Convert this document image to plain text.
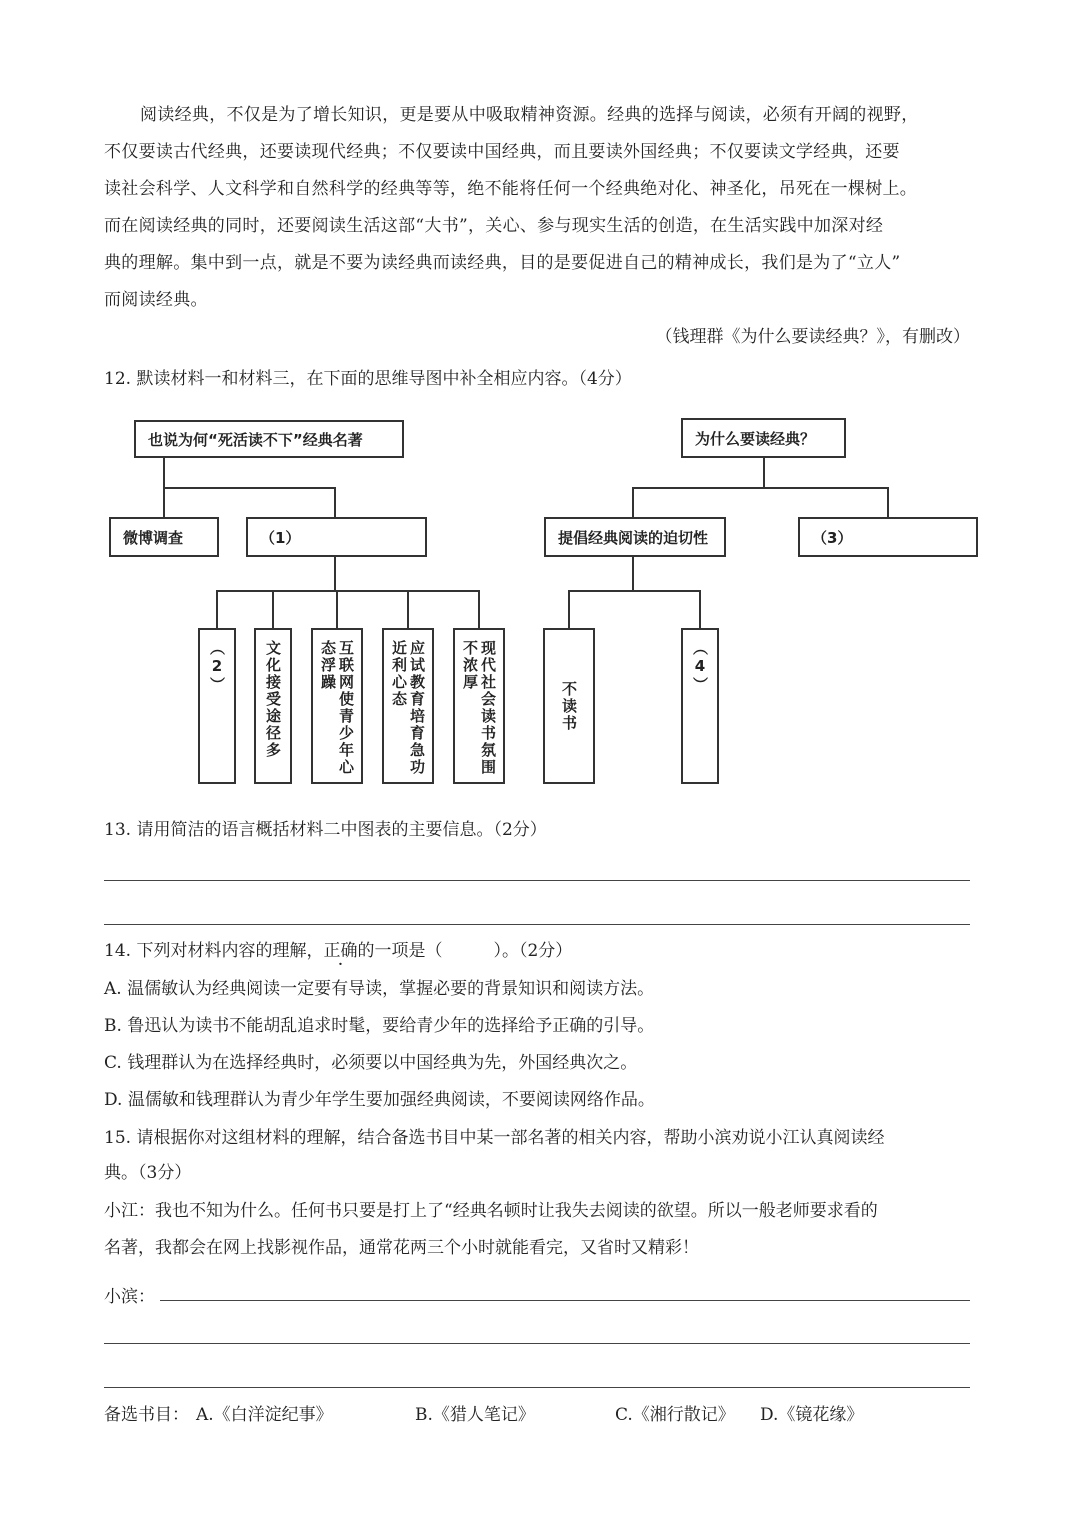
阅读经典，不仅是为了增长知识，更是要从中吸取精神资源。经典的选择与阅读，必须有开阔的视野，

不仅要读古代经典，还要读现代经典；不仅要读中国经典，而且要读外国经典；不仅要读文学经典，还要

读社会科学、人文科学和自然科学的经典等等，绝不能将任何一个经典绝对化、神圣化，吊死在一棵树上。

而在阅读经典的同时，还要阅读生活这部“大书”，关心、参与现实生活的创造，在生活实践中加深对经

典的理解。集中到一点，就是不要为读经典而读经典，目的是要促进自己的精神成长，我们是为了“立人”

而阅读经典。

（钱理群《为什么要读经典？》，有删改）
12. 默读材料一和材料三，在下面的思维导图中补全相应内容。（4分）
也说为何“死活读不下”经典名著
微博调查	（1）
（2）	文化接受途径多	互联网使青少年心态浮躁	应试教育培育急功近利心态	现代社会读书氛围不浓厚
为什么要读经典？
提倡经典阅读的迫切性	（3）
不读书
（4）
13. 请用简洁的语言概括材料二中图表的主要信息。（2分）
14. 下列对材料内容的理解，正确的一项是（　　　）。（2分）
A. 温儒敏认为经典阅读一定要有导读，掌握必要的背景知识和阅读方法。
B. 鲁迅认为读书不能胡乱追求时髦，要给青少年的选择给予正确的引导。
C. 钱理群认为在选择经典时，必须要以中国经典为先，外国经典次之。
D. 温儒敏和钱理群认为青少年学生要加强经典阅读，不要阅读网络作品。
15. 请根据你对这组材料的理解，结合备选书目中某一部名著的相关内容，帮助小滨劝说小江认真阅读经
典。（3分）
小江：我也不知为什么。任何书只要是打上了“经典名顿时让我失去阅读的欲望。所以一般老师要求看的
名著，我都会在网上找影视作品，通常花两三个小时就能看完，又省时又精彩！
小滨：
备选书目： A.《白洋淀纪事》	B.《猎人笔记》	C.《湘行散记》 D.《镜花缘》
